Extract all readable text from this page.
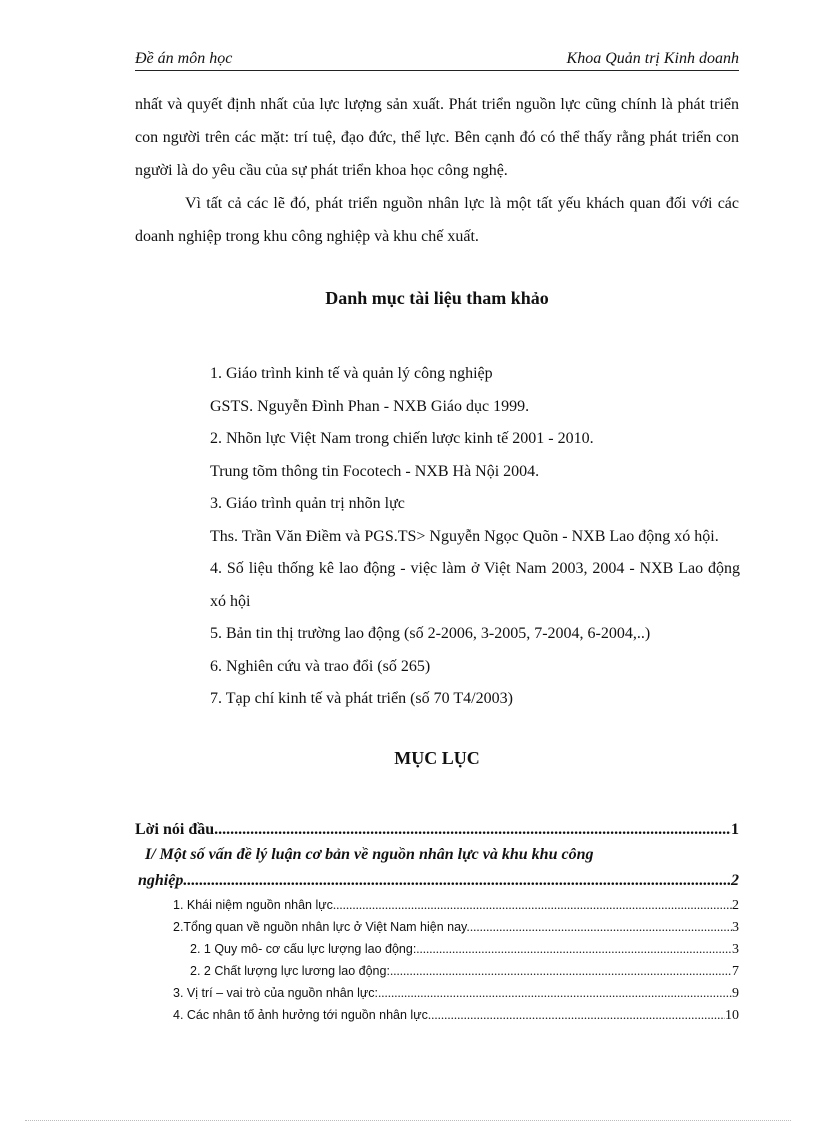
Đề án môn học	Khoa Quản trị Kinh doanh

nhất và quyết định nhất của lực lượng sản xuất. Phát triển nguồn lực cũng chính là phát triển con người trên các mặt: trí tuệ, đạo đức, thể lực. Bên cạnh đó có thể thấy rằng phát triển con người là do yêu cầu của sự phát triển khoa học công nghệ.

Vì tất cả các lẽ đó, phát triển nguồn nhân lực là một tất yếu khách quan đối với các doanh nghiệp trong khu công nghiệp và khu chế xuất.

Danh mục tài liệu tham khảo
1. Giáo trình kinh tế và quản lý công nghiệp
GSTS. Nguyễn Đình Phan - NXB Giáo dục 1999.
2. Nhõn lực Việt Nam trong chiến lược kinh tế 2001 - 2010.
Trung tõm thông tin Focotech - NXB Hà Nội 2004.
3. Giáo trình quản trị nhõn lực
Ths. Trần Văn Điềm và PGS.TS> Nguyễn Ngọc Quõn - NXB Lao động xó hội.
4. Số liệu thống kê lao động - việc làm ở Việt Nam 2003, 2004 - NXB Lao động xó hội
5. Bản tin thị trường lao động (số 2-2006, 3-2005, 7-2004, 6-2004,..)
6. Nghiên cứu và trao đổi (số 265)
7. Tạp chí kinh tế và phát triển (số 70 T4/2003)
MỤC LỤC
Lời nói đầu .....	1
I/ Một số vấn đề lý luận cơ bản về nguồn nhân lực và khu khu công
nghiệp. .....	2
1. Khái niệm nguồn nhân lực .....	2
2.Tổng quan về nguồn nhân lực ở Việt Nam hiện nay. .....	3
2. 1 Quy mô- cơ cấu lực lượng lao động: .....	3
2. 2 Chất lượng lực lương lao động: .....	7
3. Vị trí – vai trò của nguồn nhân lực: .....	9
4. Các nhân tố ảnh hưởng tới nguồn nhân lực .....	10
